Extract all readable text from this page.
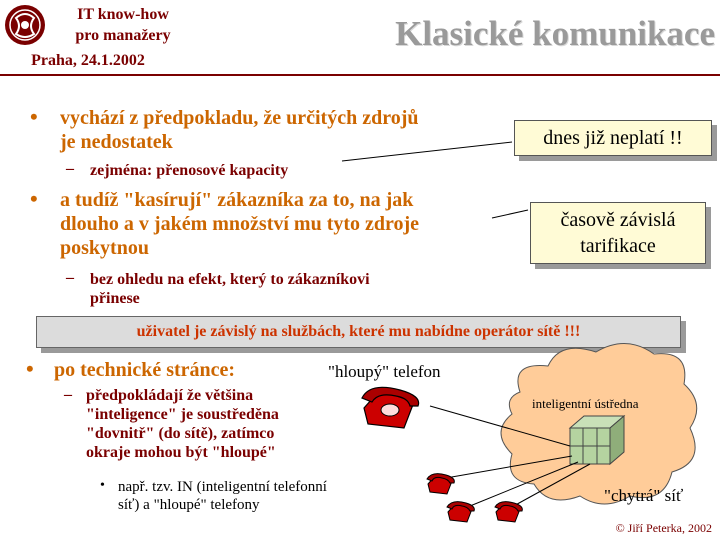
IT know-how
pro manažery
Praha, 24.1.2002
Klasické komunikace
• vychází z předpokladu, že určitých zdrojů
je nedostatek
– zejména: přenosové kapacity
• a tudíž "kasírují" zákazníka za to, na jak
dlouho a v jakém množství mu tyto zdroje
poskytnou
– bez ohledu na efekt, který to zákazníkovi
přinese
dnes již neplatí !!
časově závislá
tarifikace
uživatel je závislý na službách, které mu nabídne operátor sítě !!!
• po technické stránce:
– předpokládají že většina
"inteligence" je soustředěna
"dovnitř" (do sítě), zatímco
okraje mohou být "hloupé"
• např. tzv. IN (inteligentní telefonní
síť) a "hloupé" telefony
"hloupý" telefon
inteligentní ústředna
"chytrá" síť
© Jiří Peterka, 2002
